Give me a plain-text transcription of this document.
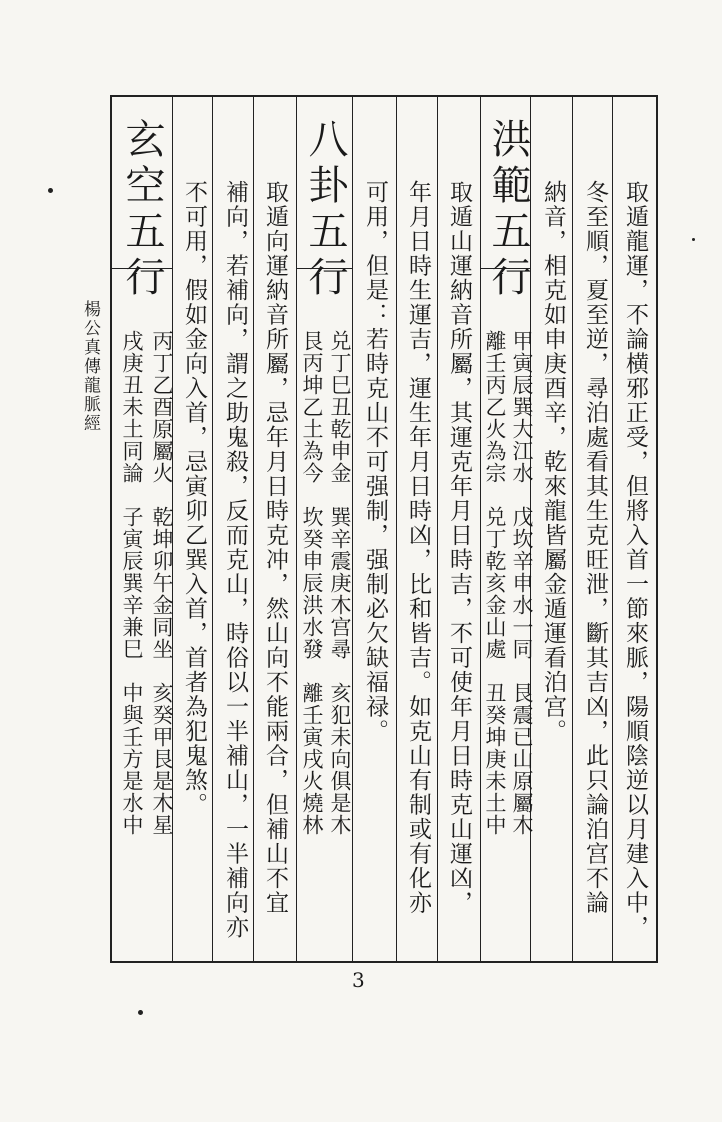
取遁龍運，不論横邪正受，但將入首一節來脈，陽順陰逆以月建入中，
冬至順，夏至逆，尋泊處看其生克旺泄，斷其吉凶，此只論泊宫不論
納音，相克如申庚酉辛，乾來龍皆屬金遁運看泊宫。
洪範五行
甲寅辰巽大江水　戊坎辛申水一同　艮震已山原屬木
離壬丙乙火為宗　兑丁乾亥金山處　丑癸坤庚未土中
取遁山運納音所屬，其運克年月日時吉，不可使年月日時克山運凶，
年月日時生運吉，運生年月日時凶，比和皆吉。如克山有制或有化亦
可用，但是：若時克山不可强制，强制必欠缺福禄。
八卦五行
兑丁巳丑乾申金　巽辛震庚木宫尋　亥犯未向俱是木
艮丙坤乙土為今　坎癸申辰洪水發　離壬寅戌火燒林
取遁向運納音所屬，忌年月日時克冲，然山向不能兩合，但補山不宜
補向，若補向，謂之助鬼殺，反而克山，時俗以一半補山，一半補向亦
不可用，假如金向入首，忌寅卯乙巽入首，首者為犯鬼煞。
玄空五行
丙丁乙酉原屬火　乾坤卯午金同坐　亥癸甲艮是木星
戌庚丑未土同論　子寅辰巽辛兼巳　中與壬方是水中
楊公真傳龍脈經
3
